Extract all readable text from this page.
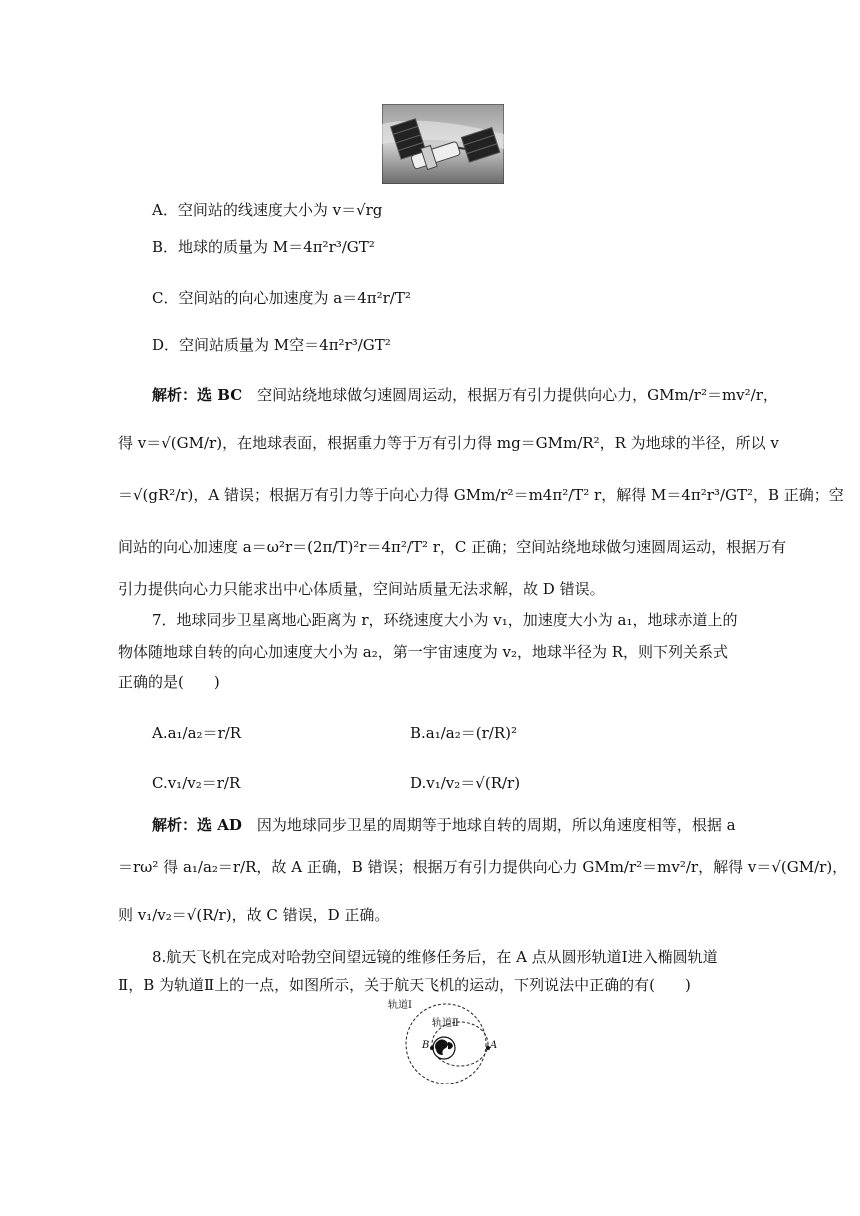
A．空间站的线速度大小为 v＝√rg
B．地球的质量为 M＝4π²r³/GT²
C．空间站的向心加速度为 a＝4π²r/T²
D．空间站质量为 M空＝4π²r³/GT²
解析：选 BC　 空间站绕地球做匀速圆周运动，根据万有引力提供向心力，GMm/r²＝mv²/r，
得 v＝√(GM/r)，在地球表面，根据重力等于万有引力得 mg＝GMm/R²，R 为地球的半径，所以 v
＝√(gR²/r)，A 错误；根据万有引力等于向心力得 GMm/r²＝m4π²/T² r，解得 M＝4π²r³/GT²，B 正确；空
间站的向心加速度 a＝ω²r＝(2π/T)²r＝4π²/T² r，C 正确；空间站绕地球做匀速圆周运动，根据万有
引力提供向心力只能求出中心体质量，空间站质量无法求解，故 D 错误。
7．地球同步卫星离地心距离为 r，环绕速度大小为 v₁，加速度大小为 a₁，地球赤道上的
物体随地球自转的向心加速度大小为 a₂，第一宇宙速度为 v₂，地球半径为 R，则下列关系式
正确的是(　　)
A.a₁/a₂＝r/R	B.a₁/a₂＝(r/R)²
C.v₁/v₂＝r/R	D.v₁/v₂＝√(R/r)
解析：选 AD　 因为地球同步卫星的周期等于地球自转的周期，所以角速度相等，根据 a
＝rω² 得 a₁/a₂＝r/R，故 A 正确，B 错误；根据万有引力提供向心力 GMm/r²＝mv²/r，解得 v＝√(GM/r)，
则 v₁/v₂＝√(R/r)，故 C 错误，D 正确。
8.航天飞机在完成对哈勃空间望远镜的维修任务后，在 A 点从圆形轨道Ⅰ进入椭圆轨道
Ⅱ，B 为轨道Ⅱ上的一点，如图所示，关于航天飞机的运动，下列说法中正确的有(　　)
轨道Ⅰ
轨道Ⅱ
A
B
